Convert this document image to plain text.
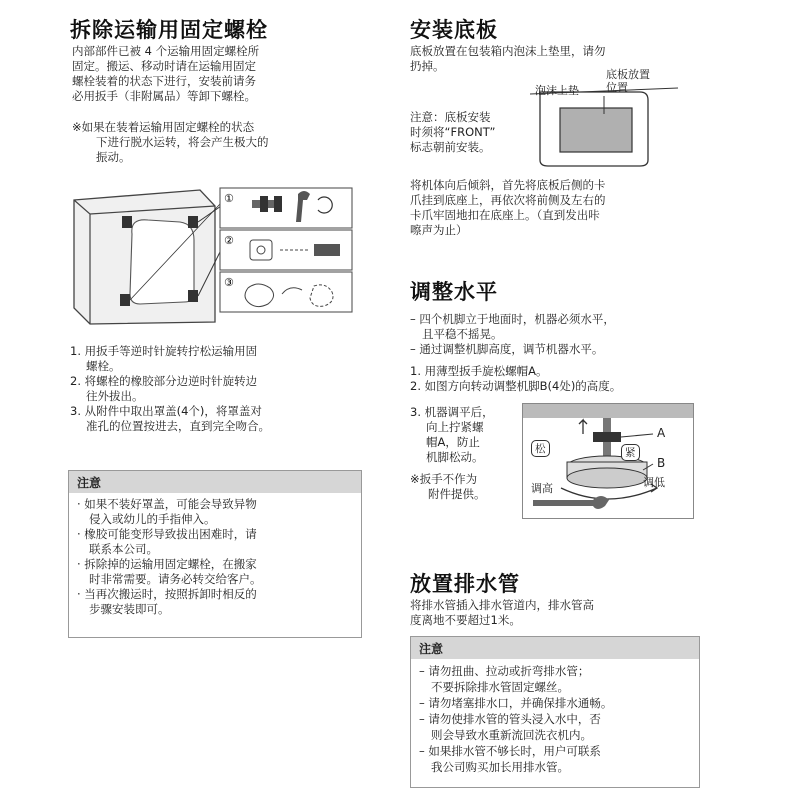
拆除运输用固定螺栓
内部部件已被 4 个运输用固定螺栓所
固定。搬运、移动时请在运输用固定
螺栓装着的状态下进行，安装前请务
必用扳手（非附属品）等卸下螺栓。
※如果在装着运输用固定螺栓的状态
下进行脱水运转，将会产生极大的
振动。
①
②
③
1. 用扳手等逆时针旋转拧松运输用固
螺栓。
2. 将螺栓的橡胶部分边逆时针旋转边
往外拔出。
3. 从附件中取出罩盖(4个)，将罩盖对
准孔的位置按进去，直到完全吻合。
注意
· 如果不装好罩盖，可能会导致异物
侵入或幼儿的手指伸入。
· 橡胶可能变形导致拔出困难时，请
联系本公司。
· 拆除掉的运输用固定螺栓，在搬家
时非常需要。请务必转交给客户。
· 当再次搬运时，按照拆卸时相反的
步骤安装即可。
安装底板
底板放置在包装箱内泡沫上垫里，请勿
扔掉。
泡沫上垫
底板放置
位置
注意：底板安装
时须将“FRONT”
标志朝前安装。
将机体向后倾斜，首先将底板后侧的卡
爪挂到底座上，再依次将前侧及左右的
卡爪牢固地扣在底座上。（直到发出咔
嚓声为止）
调整水平
– 四个机脚立于地面时，机器必须水平，
且平稳不摇晃。
– 通过调整机脚高度，调节机器水平。
1. 用薄型扳手旋松螺帽A。
2. 如图方向转动调整机脚B(4处)的高度。
3. 机器调平后，
向上拧紧螺
帽A，防止
机脚松动。
※扳手不作为
附件提供。
松	紧
A
B
调高	调低
放置排水管
将排水管插入排水管道内，排水管高
度离地不要超过1米。
注意
– 请勿扭曲、拉动或折弯排水管；
不要拆除排水管固定螺丝。
– 请勿堵塞排水口，并确保排水通畅。
– 请勿使排水管的管头浸入水中，否
则会导致水重新流回洗衣机内。
– 如果排水管不够长时，用户可联系
我公司购买加长用排水管。
